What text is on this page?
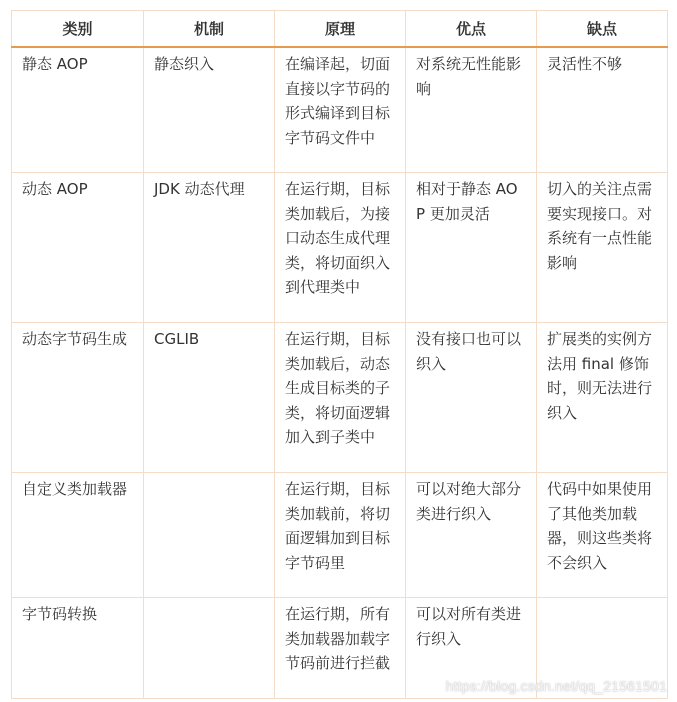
类别	机制	原理	优点	缺点
静态 AOP	静态织入	在编译起，切面直接以字节码的形式编译到目标字节码文件中	对系统无性能影响	灵活性不够
动态 AOP	JDK 动态代理	在运行期，目标类加载后，为接口动态生成代理类，将切面织入到代理类中	相对于静态 AOP 更加灵活	切入的关注点需要实现接口。对系统有一点性能影响
动态字节码生成	CGLIB	在运行期，目标类加载后，动态生成目标类的子类，将切面逻辑加入到子类中	没有接口也可以织入	扩展类的实例方法用 final 修饰时，则无法进行织入
自定义类加载器		在运行期，目标类加载前，将切面逻辑加到目标字节码里	可以对绝大部分类进行织入	代码中如果使用了其他类加载器，则这些类将不会织入
字节码转换		在运行期，所有类加载器加载字节码前进行拦截	可以对所有类进行织入	
https://blog.csdn.net/qq_21561501
